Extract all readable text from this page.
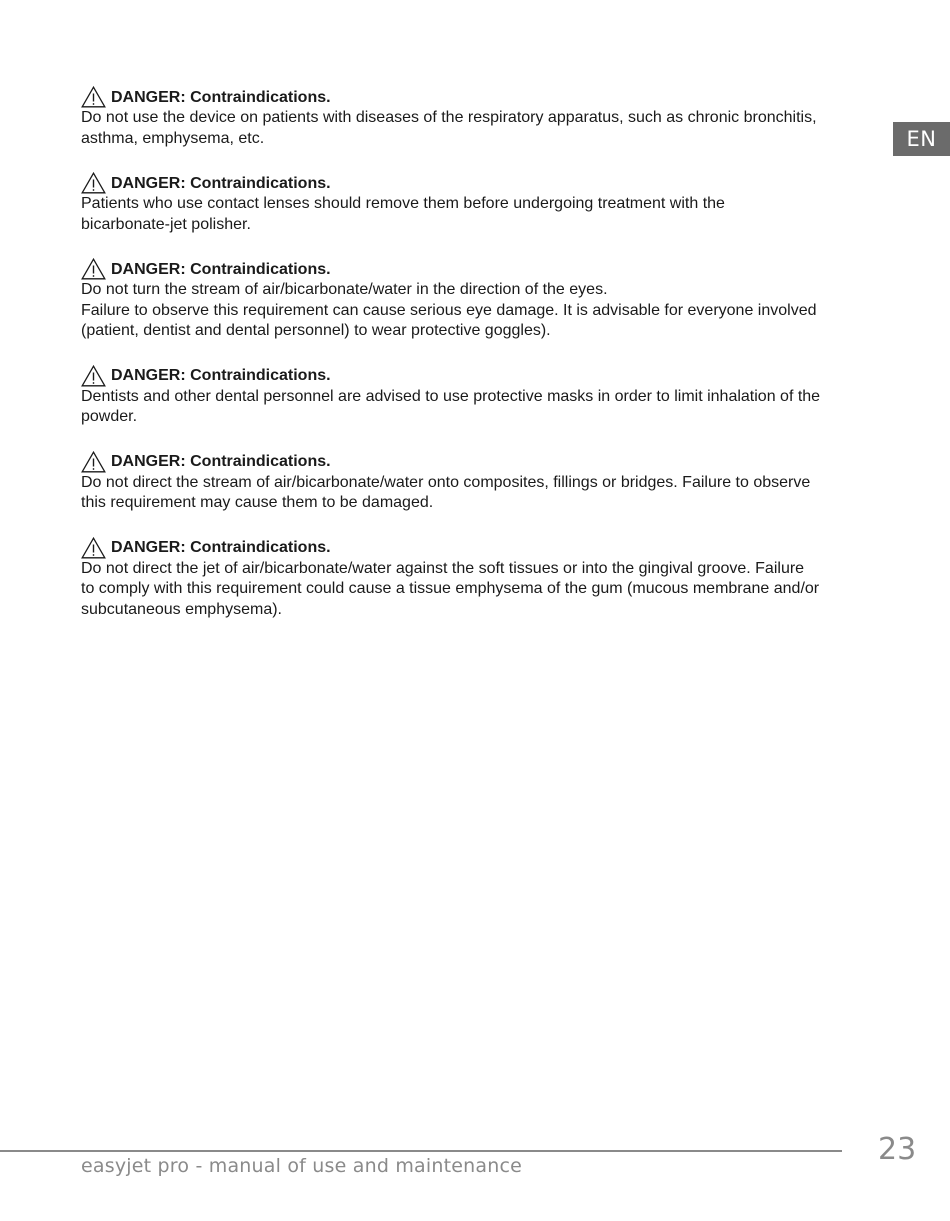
EN
DANGER: Contraindications.

Do not use the device on patients with diseases of the respiratory apparatus, such as chronic bronchitis,
asthma, emphysema, etc.

DANGER: Contraindications.

Patients who use contact lenses should remove them before undergoing treatment with the
bicarbonate-jet polisher.

DANGER: Contraindications.

Do not turn the stream of air/bicarbonate/water in the direction of the eyes.
Failure to observe this requirement can cause serious eye damage. It is advisable for everyone involved
(patient, dentist and dental personnel) to wear protective goggles).

DANGER: Contraindications.

Dentists and other dental personnel are advised to use protective masks in order to limit inhalation of the
powder.

DANGER: Contraindications.

Do not direct the stream of air/bicarbonate/water onto composites, fillings or bridges. Failure to observe
this requirement may cause them to be damaged.

DANGER: Contraindications.

Do not direct the jet of air/bicarbonate/water against the soft tissues or into the gingival groove. Failure
to comply with this requirement could cause a tissue emphysema of the gum (mucous membrane and/or
subcutaneous emphysema).

easyjet pro - manual of use and maintenance	23
